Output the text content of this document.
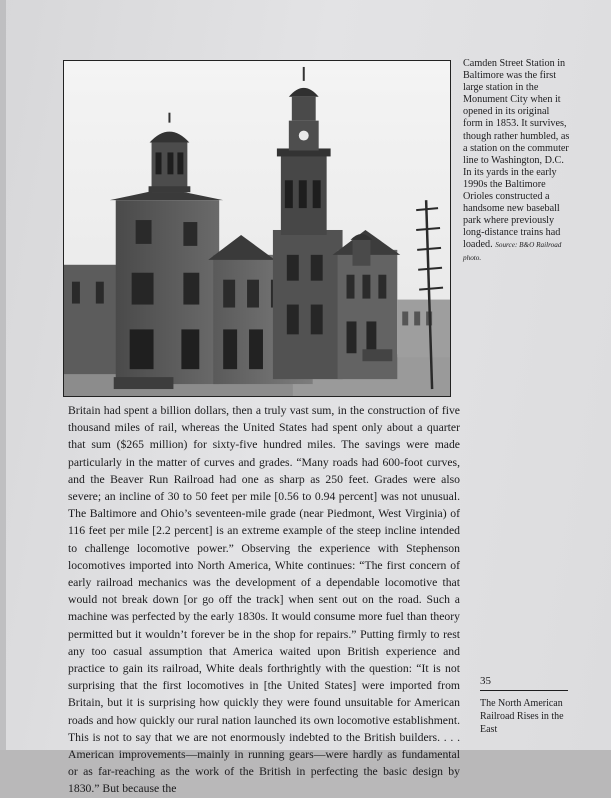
Camden Street Station in Baltimore was the first large station in the Monument City when it opened in its original form in 1853. It survives, though rather humbled, as a station on the commuter line to Washington, D.C. In its yards in the early 1990s the Baltimore Orioles constructed a handsome new baseball park where previously long-distance trains had loaded. Source: B&O Railroad photo.

Britain had spent a billion dollars, then a truly vast sum, in the construction of five thousand miles of rail, whereas the United States had spent only about a quarter that sum ($265 million) for sixty-five hundred miles. The savings were made particularly in the matter of curves and grades. “Many roads had 600-foot curves, and the Beaver Run Railroad had one as sharp as 250 feet. Grades were also severe; an incline of 30 to 50 feet per mile [0.56 to 0.94 percent] was not unusual. The Baltimore and Ohio’s seventeen-mile grade (near Piedmont, West Virginia) of 116 feet per mile [2.2 percent] is an extreme example of the steep incline intended to challenge locomotive power.” Observing the experience with Stephenson locomotives imported into North America, White continues: “The first concern of early railroad mechanics was the development of a dependable locomotive that would not break down [or go off the track] when sent out on the road. Such a machine was perfected by the early 1830s. It would consume more fuel than theory permitted but it wouldn’t forever be in the shop for repairs.” Putting firmly to rest any too casual assumption that America waited upon British experience and practice to gain its railroad, White deals forthrightly with the question: “It is not surprising that the first locomotives in [the United States] were imported from Britain, but it is surprising how quickly they were found unsuitable for American roads and how quickly our rural nation launched its own locomotive establishment. This is not to say that we are not enormously indebted to the British builders. . . . American improvements—mainly in running gears—were hardly as fundamental or as far-reaching as the work of the British in perfecting the basic design by 1830.” But because the

35
The North American Railroad Rises in the East
